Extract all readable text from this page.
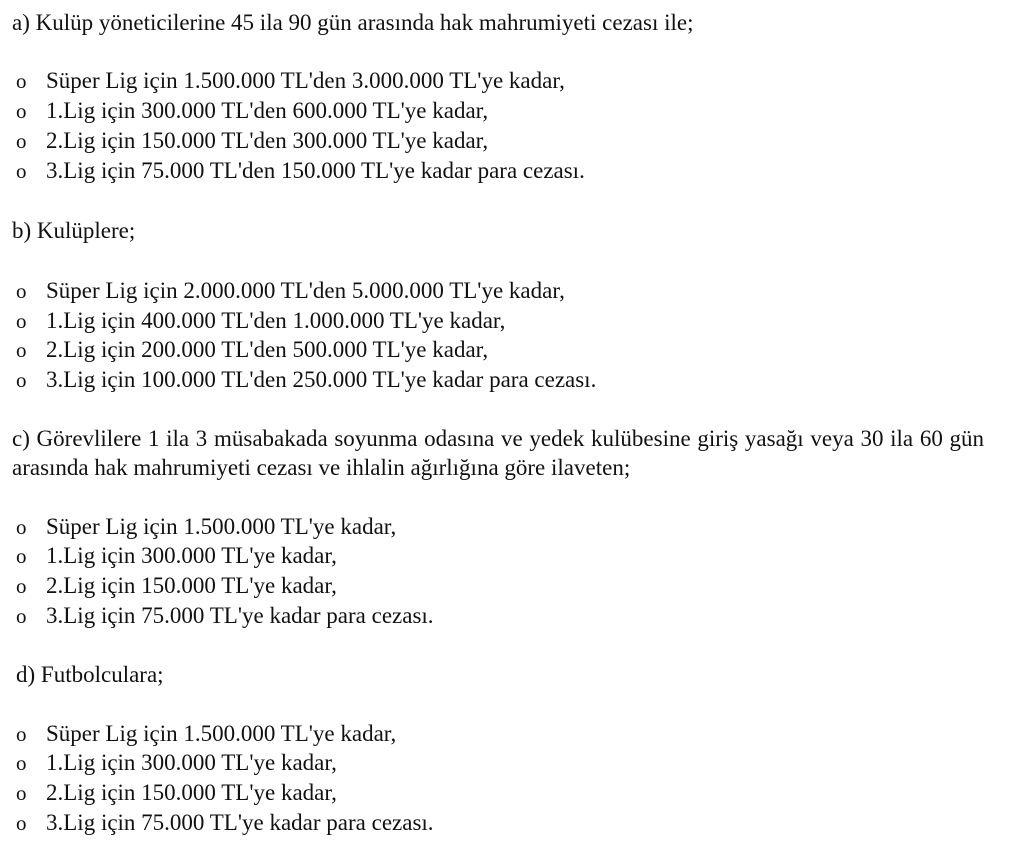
a) Kulüp yöneticilerine 45 ila 90 gün arasında hak mahrumiyeti cezası ile;
o Süper Lig için 1.500.000 TL'den 3.000.000 TL'ye kadar,
o 1.Lig için 300.000 TL'den 600.000 TL'ye kadar,
o 2.Lig için 150.000 TL'den 300.000 TL'ye kadar,
o 3.Lig için 75.000 TL'den 150.000 TL'ye kadar para cezası.
b) Kulüplere;
o Süper Lig için 2.000.000 TL'den 5.000.000 TL'ye kadar,
o 1.Lig için 400.000 TL'den 1.000.000 TL'ye kadar,
o 2.Lig için 200.000 TL'den 500.000 TL'ye kadar,
o 3.Lig için 100.000 TL'den 250.000 TL'ye kadar para cezası.
c) Görevlilere 1 ila 3 müsabakada soyunma odasına ve yedek kulübesine giriş yasağı veya 30 ila 60 gün arasında hak mahrumiyeti cezası ve ihlalin ağırlığına göre ilaveten;
o Süper Lig için 1.500.000 TL'ye kadar,
o 1.Lig için 300.000 TL'ye kadar,
o 2.Lig için 150.000 TL'ye kadar,
o 3.Lig için 75.000 TL'ye kadar para cezası.
d) Futbolculara;
o Süper Lig için 1.500.000 TL'ye kadar,
o 1.Lig için 300.000 TL'ye kadar,
o 2.Lig için 150.000 TL'ye kadar,
o 3.Lig için 75.000 TL'ye kadar para cezası.
